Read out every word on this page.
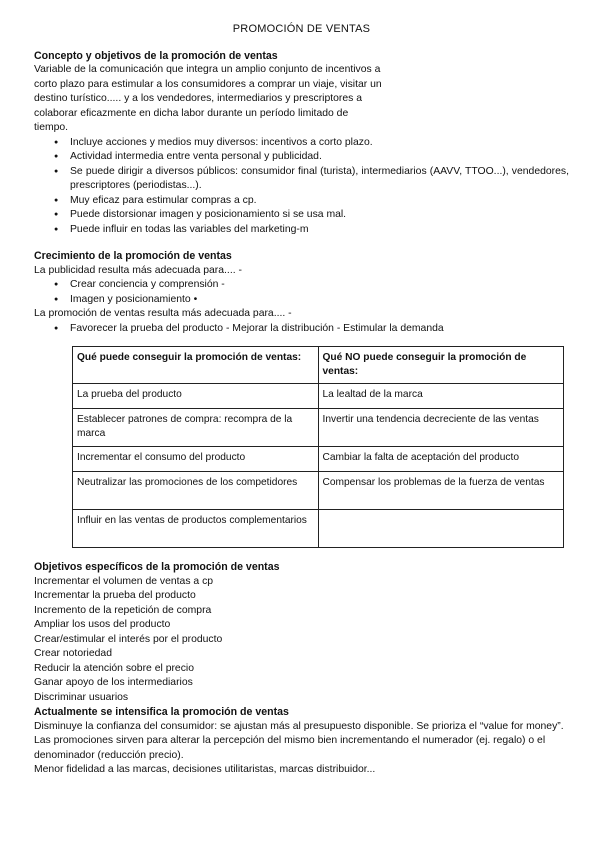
PROMOCIÓN DE VENTAS
Concepto y objetivos de la promoción de ventas

Variable de la comunicación que integra un amplio conjunto de incentivos a

corto plazo para estimular a los consumidores a comprar un viaje, visitar un

destino turístico..... y a los vendedores, intermediarios y prescriptores a

colaborar eficazmente en dicha labor durante un período limitado de

tiempo.

● Incluye acciones y medios muy diversos: incentivos a corto plazo.
● Actividad intermedia entre venta personal y publicidad.
● Se puede dirigir a diversos públicos: consumidor final (turista), intermediarios (AAVV, TTOO...), vendedores, prescriptores (periodistas...).
● Muy eficaz para estimular compras a cp.
● Puede distorsionar imagen y posicionamiento si se usa mal.
● Puede influir en todas las variables del marketing-m
Crecimiento de la promoción de ventas

La publicidad resulta más adecuada para.... -

● Crear conciencia y comprensión -
● Imagen y posicionamiento •

La promoción de ventas resulta más adecuada para.... -

● Favorecer la prueba del producto - Mejorar la distribución - Estimular la demanda
Qué puede conseguir la promoción de ventas:	Qué NO puede conseguir la promoción de ventas:
La prueba del producto	La lealtad de la marca
Establecer patrones de compra: recompra de la marca	Invertir una tendencia decreciente de las ventas
Incrementar el consumo del producto	Cambiar la falta de aceptación del producto
Neutralizar las promociones de los competidores	Compensar los problemas de la fuerza de ventas
Influir en las ventas de productos complementarios	
Objetivos específicos de la promoción de ventas

Incrementar el volumen de ventas a cp

Incrementar la prueba del producto

Incremento de la repetición de compra

Ampliar los usos del producto

Crear/estimular el interés por el producto

Crear notoriedad

Reducir la atención sobre el precio

Ganar apoyo de los intermediarios

Discriminar usuarios

Actualmente se intensifica la promoción de ventas

Disminuye la confianza del consumidor: se ajustan más al presupuesto disponible. Se prioriza el “value for money”.

Las promociones sirven para alterar la percepción del mismo bien incrementando el numerador (ej. regalo) o el denominador (reducción precio).

Menor fidelidad a las marcas, decisiones utilitaristas, marcas distribuidor...
